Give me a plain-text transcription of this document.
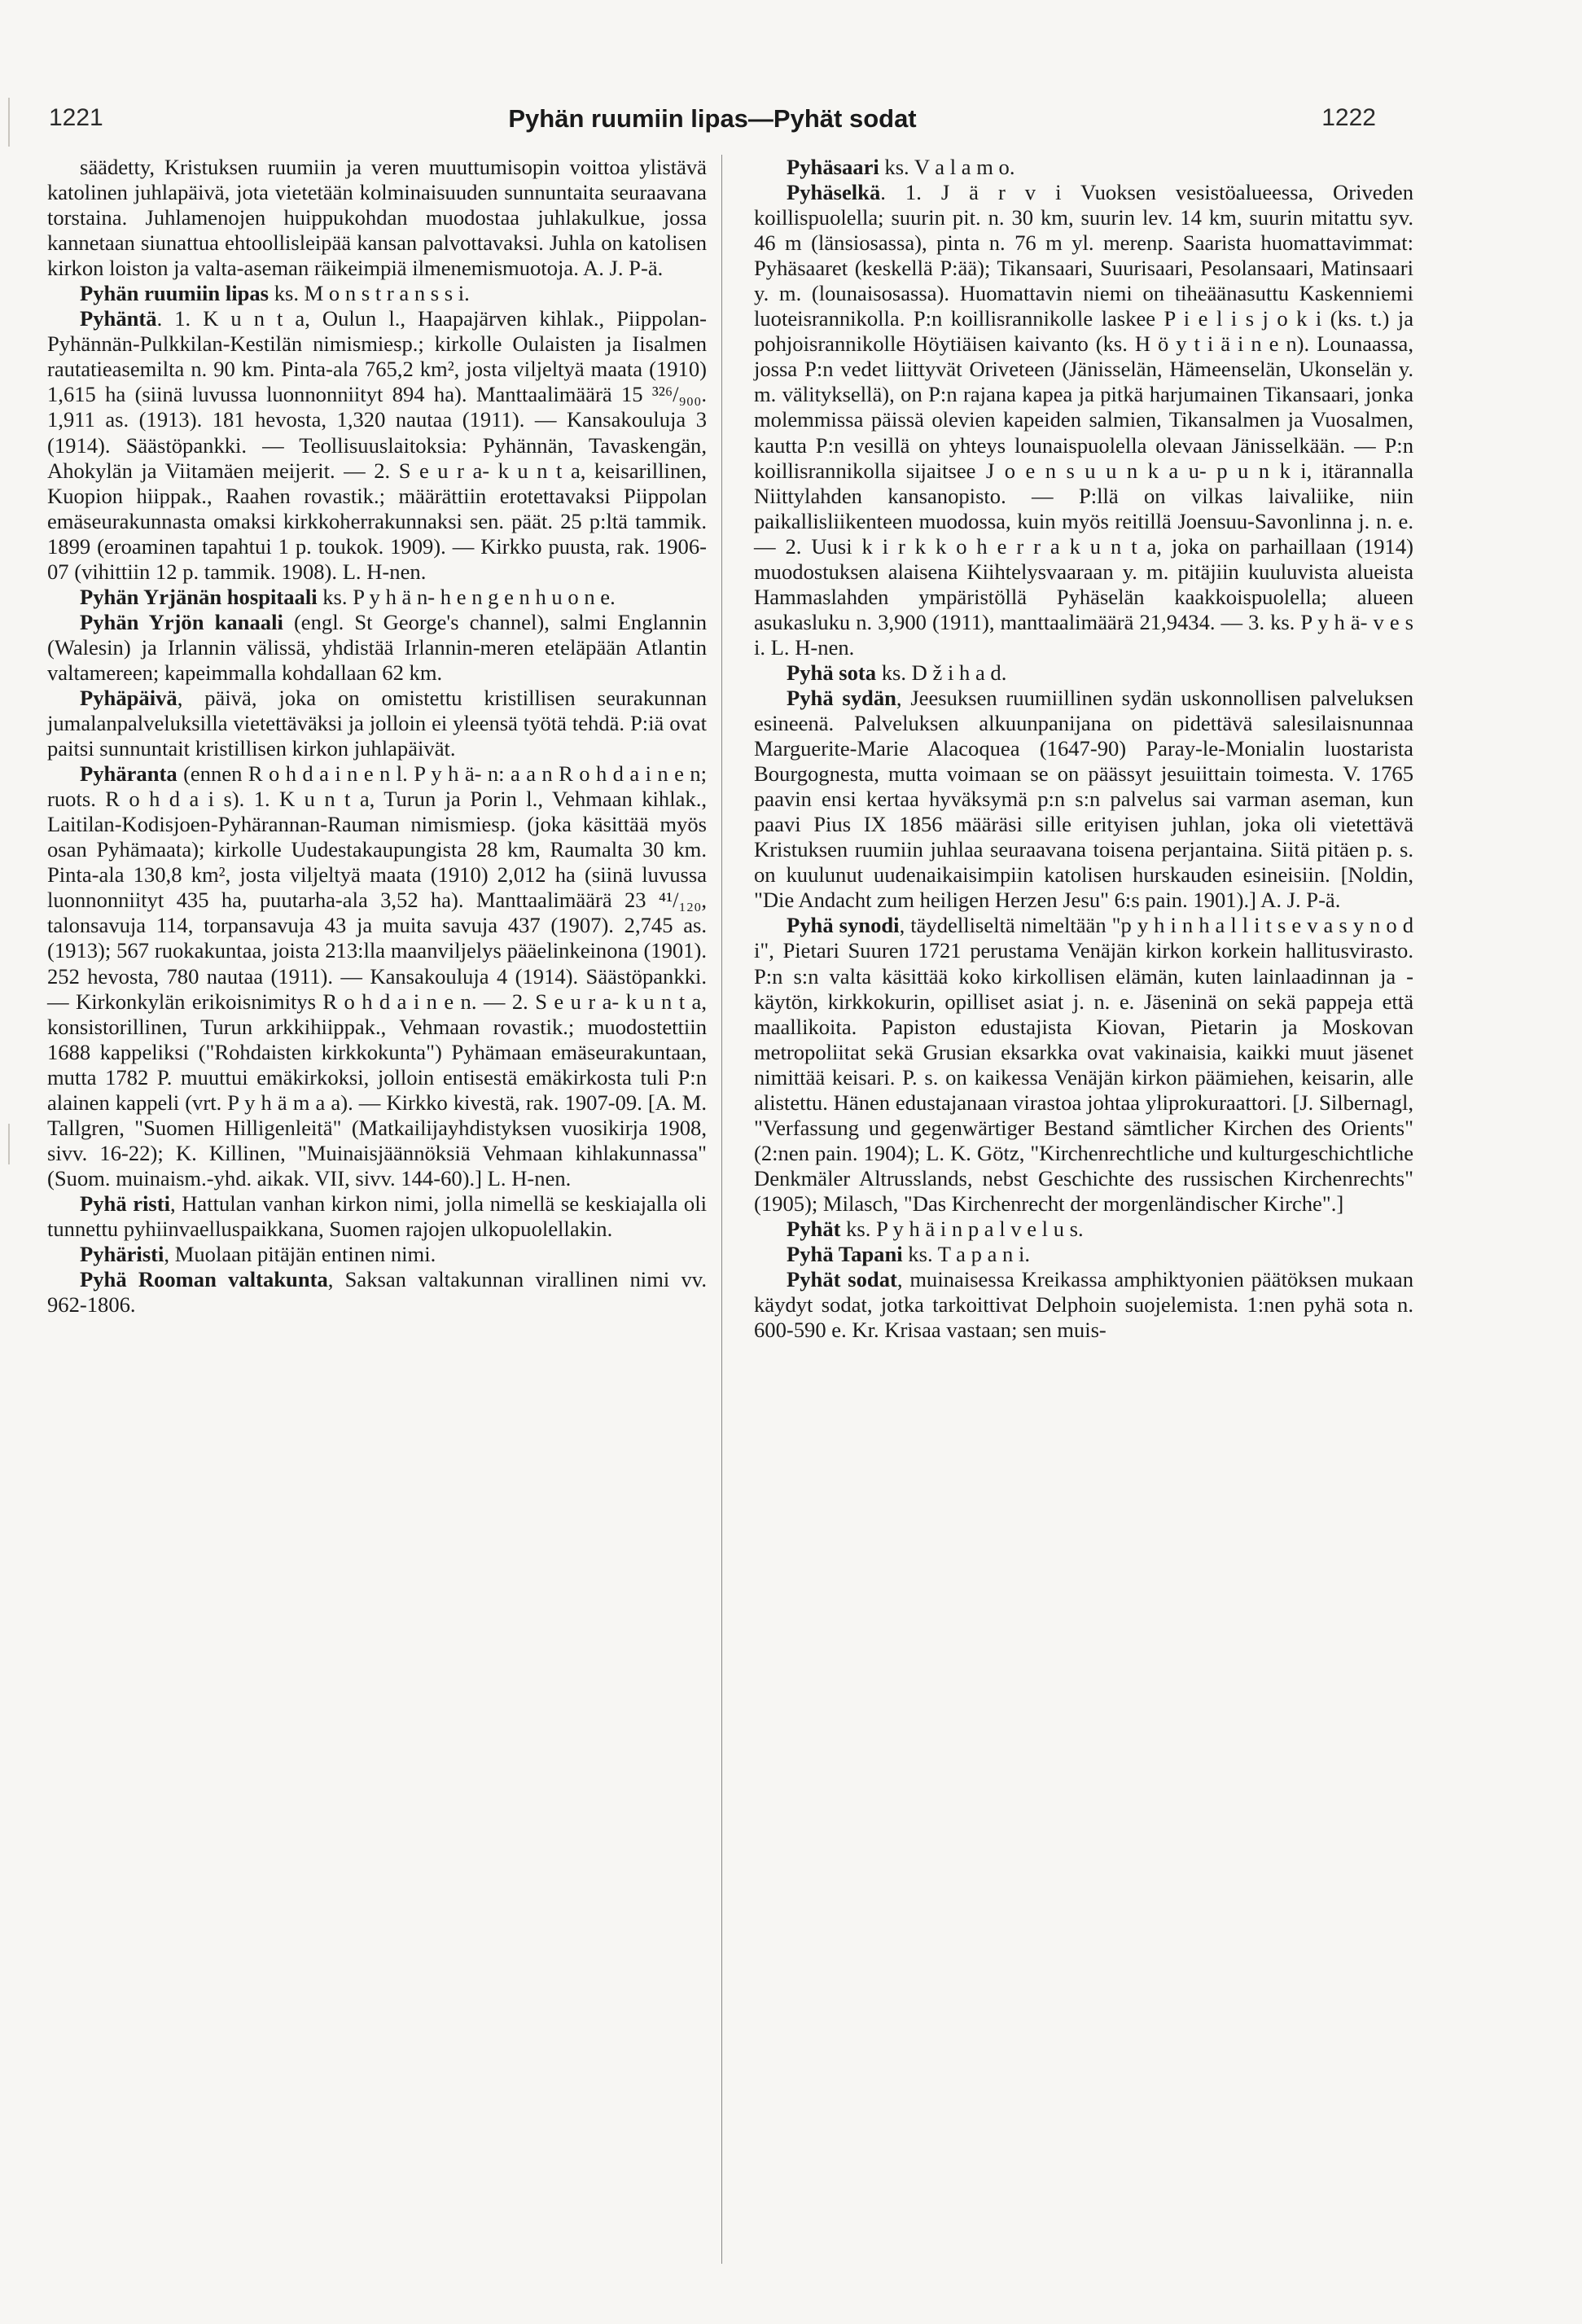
1221	Pyhän ruumiin lipas—Pyhät sodat	1222

säädetty, Kristuksen ruumiin ja veren muuttumisopin voittoa ylistävä katolinen juhlapäivä, jota vietetään kolminaisuuden sunnuntaita seuraavana torstaina. Juhlamenojen huippukohdan muodostaa juhlakulkue, jossa kannetaan siunattua ehtoollisleipää kansan palvottavaksi. Juhla on katolisen kirkon loiston ja valta-aseman räikeimpiä ilmenemismuotoja. A. J. P-ä.

Pyhän ruumiin lipas ks. M o n s t r a n s s i.

Pyhäntä. 1. K u n t a, Oulun l., Haapajärven kihlak., Piippolan-Pyhännän-Pulkkilan-Kestilän nimismiesp.; kirkolle Oulaisten ja Iisalmen rautatieasemilta n. 90 km. Pinta-ala 765,2 km², josta viljeltyä maata (1910) 1,615 ha (siinä luvussa luonnonniityt 894 ha). Manttaalimäärä 15 ³²⁶/₉₀₀. 1,911 as. (1913). 181 hevosta, 1,320 nautaa (1911). — Kansakouluja 3 (1914). Säästöpankki. — Teollisuuslaitoksia: Pyhännän, Tavaskengän, Ahokylän ja Viitamäen meijerit. — 2. S e u r a- k u n t a, keisarillinen, Kuopion hiippak., Raahen rovastik.; määrättiin erotettavaksi Piippolan emäseurakunnasta omaksi kirkkoherrakunnaksi sen. päät. 25 p:ltä tammik. 1899 (eroaminen tapahtui 1 p. toukok. 1909). — Kirkko puusta, rak. 1906-07 (vihittiin 12 p. tammik. 1908). L. H-nen.

Pyhän Yrjänän hospitaali ks. P y h ä n- h e n g e n h u o n e.

Pyhän Yrjön kanaali (engl. St George's channel), salmi Englannin (Walesin) ja Irlannin välissä, yhdistää Irlannin-meren eteläpään Atlantin valtamereen; kapeimmalla kohdallaan 62 km.

Pyhäpäivä, päivä, joka on omistettu kristillisen seurakunnan jumalanpalveluksilla vietettäväksi ja jolloin ei yleensä työtä tehdä. P:iä ovat paitsi sunnuntait kristillisen kirkon juhlapäivät.

Pyhäranta (ennen R o h d a i n e n l. P y h ä- n: a a n R o h d a i n e n; ruots. R o h d a i s). 1. K u n t a, Turun ja Porin l., Vehmaan kihlak., Laitilan-Kodisjoen-Pyhärannan-Rauman nimismiesp. (joka käsittää myös osan Pyhämaata); kirkolle Uudestakaupungista 28 km, Raumalta 30 km. Pinta-ala 130,8 km², josta viljeltyä maata (1910) 2,012 ha (siinä luvussa luonnonniityt 435 ha, puutarha-ala 3,52 ha). Manttaalimäärä 23 ⁴¹/₁₂₀, talonsavuja 114, torpansavuja 43 ja muita savuja 437 (1907). 2,745 as. (1913); 567 ruokakuntaa, joista 213:lla maanviljelys pääelinkeinona (1901). 252 hevosta, 780 nautaa (1911). — Kansakouluja 4 (1914). Säästöpankki. — Kirkonkylän erikoisnimitys R o h d a i n e n. — 2. S e u r a- k u n t a, konsistorillinen, Turun arkkihiippak., Vehmaan rovastik.; muodostettiin 1688 kappeliksi ("Rohdaisten kirkkokunta") Pyhämaan emäseurakuntaan, mutta 1782 P. muuttui emäkirkoksi, jolloin entisestä emäkirkosta tuli P:n alainen kappeli (vrt. P y h ä m a a). — Kirkko kivestä, rak. 1907-09. [A. M. Tallgren, "Suomen Hilligenleitä" (Matkailijayhdistyksen vuosikirja 1908, sivv. 16-22); K. Killinen, "Muinaisjäännöksiä Vehmaan kihlakunnassa" (Suom. muinaism.-yhd. aikak. VII, sivv. 144-60).] L. H-nen.

Pyhä risti, Hattulan vanhan kirkon nimi, jolla nimellä se keskiajalla oli tunnettu pyhiinvaelluspaikkana, Suomen rajojen ulkopuolellakin.

Pyhäristi, Muolaan pitäjän entinen nimi.

Pyhä Rooman valtakunta, Saksan valtakunnan virallinen nimi vv. 962-1806.

Pyhäsaari ks. V a l a m o.

Pyhäselkä. 1. J ä r v i Vuoksen vesistöalueessa, Oriveden koillispuolella; suurin pit. n. 30 km, suurin lev. 14 km, suurin mitattu syv. 46 m (länsiosassa), pinta n. 76 m yl. merenp. Saarista huomattavimmat: Pyhäsaaret (keskellä P:ää); Tikansaari, Suurisaari, Pesolansaari, Matinsaari y. m. (lounaisosassa). Huomattavin niemi on tiheäänasuttu Kaskenniemi luoteisrannikolla. P:n koillisrannikolle laskee P i e l i s j o k i (ks. t.) ja pohjoisrannikolle Höytiäisen kaivanto (ks. H ö y t i ä i n e n). Lounaassa, jossa P:n vedet liittyvät Oriveteen (Jänisselän, Hämeenselän, Ukonselän y. m. välityksellä), on P:n rajana kapea ja pitkä harjumainen Tikansaari, jonka molemmissa päissä olevien kapeiden salmien, Tikansalmen ja Vuosalmen, kautta P:n vesillä on yhteys lounaispuolella olevaan Jänisselkään. — P:n koillisrannikolla sijaitsee J o e n s u u n k a u- p u n k i, itärannalla Niittylahden kansanopisto. — P:llä on vilkas laivaliike, niin paikallisliikenteen muodossa, kuin myös reitillä Joensuu-Savonlinna j. n. e. — 2. Uusi k i r k k o h e r r a k u n t a, joka on parhaillaan (1914) muodostuksen alaisena Kiihtelysvaaraan y. m. pitäjiin kuuluvista alueista Hammaslahden ympäristöllä Pyhäselän kaakkoispuolella; alueen asukasluku n. 3,900 (1911), manttaalimäärä 21,9434. — 3. ks. P y h ä- v e s i. L. H-nen.

Pyhä sota ks. D ž i h a d.

Pyhä sydän, Jeesuksen ruumiillinen sydän uskonnollisen palveluksen esineenä. Palveluksen alkuunpanijana on pidettävä salesilaisnunnaa Marguerite-Marie Alacoquea (1647-90) Paray-le-Monialin luostarista Bourgognesta, mutta voimaan se on päässyt jesuiittain toimesta. V. 1765 paavin ensi kertaa hyväksymä p:n s:n palvelus sai varman aseman, kun paavi Pius IX 1856 määräsi sille erityisen juhlan, joka oli vietettävä Kristuksen ruumiin juhlaa seuraavana toisena perjantaina. Siitä pitäen p. s. on kuulunut uudenaikaisimpiin katolisen hurskauden esineisiin. [Noldin, "Die Andacht zum heiligen Herzen Jesu" 6:s pain. 1901).] A. J. P-ä.

Pyhä synodi, täydelliseltä nimeltään "p y h i n h a l l i t s e v a s y n o d i", Pietari Suuren 1721 perustama Venäjän kirkon korkein hallitusvirasto. P:n s:n valta käsittää koko kirkollisen elämän, kuten lainlaadinnan ja -käytön, kirkkokurin, opilliset asiat j. n. e. Jäseninä on sekä pappeja että maallikoita. Papiston edustajista Kiovan, Pietarin ja Moskovan metropoliitat sekä Grusian eksarkka ovat vakinaisia, kaikki muut jäsenet nimittää keisari. P. s. on kaikessa Venäjän kirkon päämiehen, keisarin, alle alistettu. Hänen edustajanaan virastoa johtaa yliprokuraattori. [J. Silbernagl, "Verfassung und gegenwärtiger Bestand sämtlicher Kirchen des Orients" (2:nen pain. 1904); L. K. Götz, "Kirchenrechtliche und kulturgeschichtliche Denkmäler Altrusslands, nebst Geschichte des russischen Kirchenrechts" (1905); Milasch, "Das Kirchenrecht der morgenländischer Kirche".]

Pyhät ks. P y h ä i n p a l v e l u s.

Pyhä Tapani ks. T a p a n i.

Pyhät sodat, muinaisessa Kreikassa amphiktyonien päätöksen mukaan käydyt sodat, jotka tarkoittivat Delphoin suojelemista. 1:nen pyhä sota n. 600-590 e. Kr. Krisaa vastaan; sen muis-
